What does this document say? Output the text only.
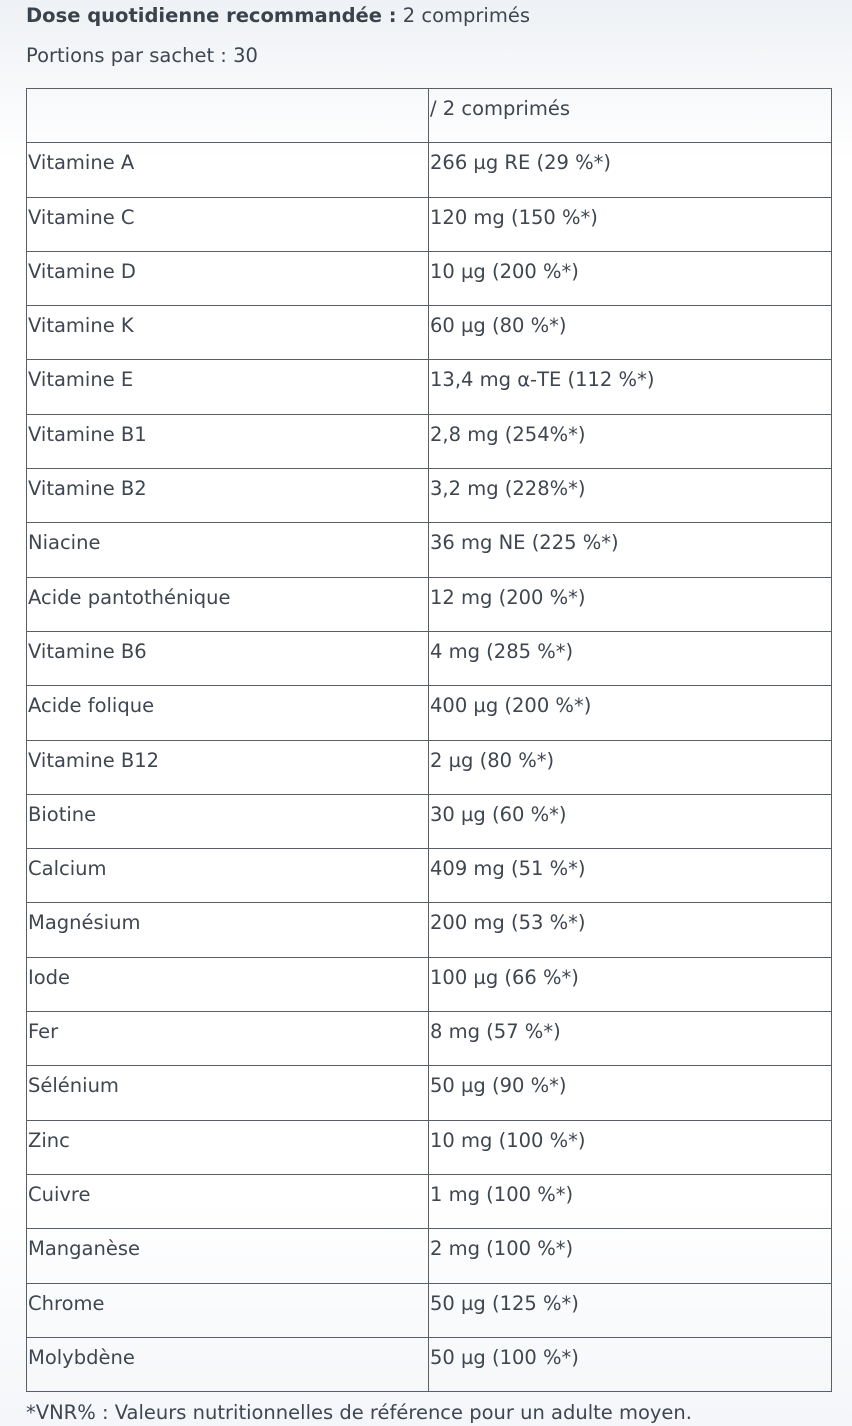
Dose quotidienne recommandée : 2 comprimés
Portions par sachet : 30

	/ 2 comprimés

Vitamine A	266 µg RE (29 %*)

Vitamine C	120 mg (150 %*)

Vitamine D	10 µg (200 %*)

Vitamine K	60 µg (80 %*)

Vitamine E	13,4 mg α-TE (112 %*)

Vitamine B1	2,8 mg (254%*)

Vitamine B2	3,2 mg (228%*)

Niacine	36 mg NE (225 %*)

Acide pantothénique	12 mg (200 %*)

Vitamine B6	4 mg (285 %*)

Acide folique	400 µg (200 %*)

Vitamine B12	2 µg (80 %*)

Biotine	30 µg (60 %*)

Calcium	409 mg (51 %*)

Magnésium	200 mg (53 %*)

Iode	100 µg (66 %*)

Fer	8 mg (57 %*)

Sélénium	50 µg (90 %*)

Zinc	10 mg (100 %*)

Cuivre	1 mg (100 %*)

Manganèse	2 mg (100 %*)

Chrome	50 µg (125 %*)

Molybdène	50 µg (100 %*)
*VNR% : Valeurs nutritionnelles de référence pour un adulte moyen.
